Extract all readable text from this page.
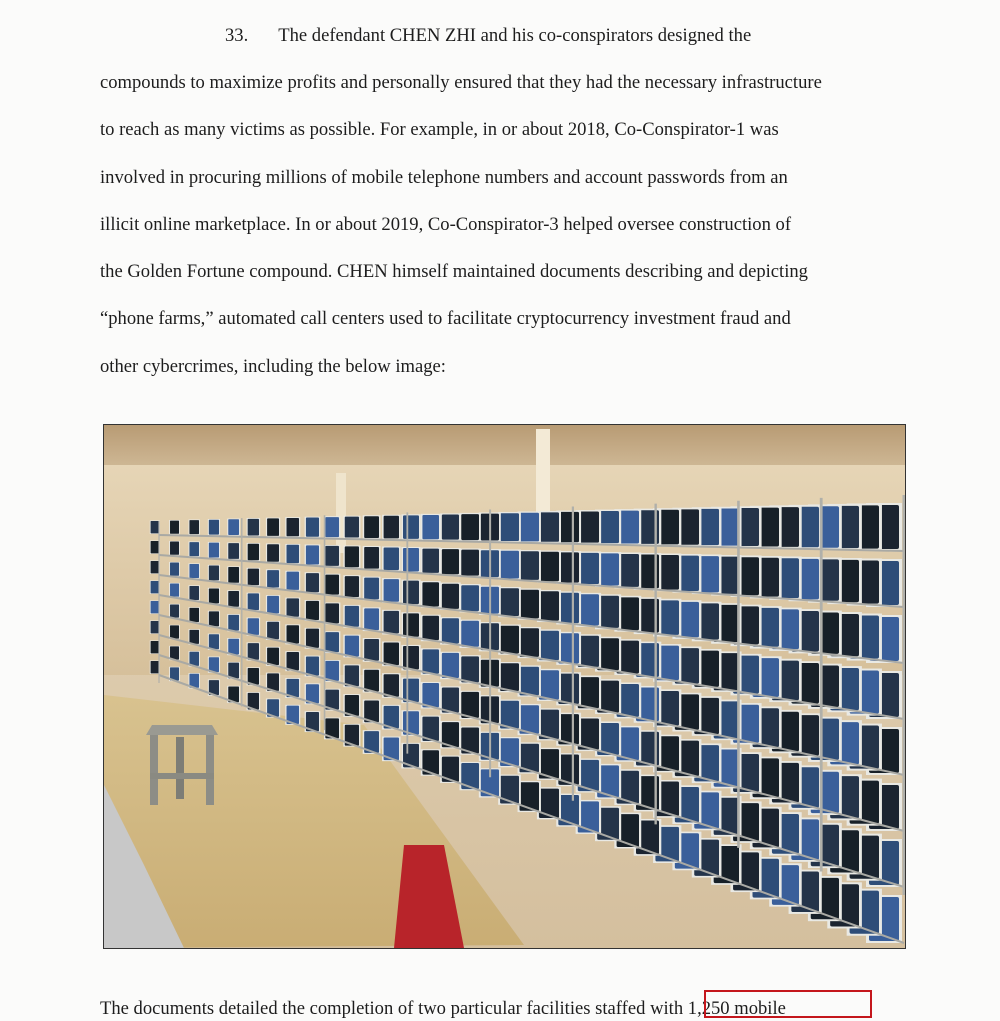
33. The defendant CHEN ZHI and his co-conspirators designed the
compounds to maximize profits and personally ensured that they had the necessary infrastructure
to reach as many victims as possible. For example, in or about 2018, Co-Conspirator-1 was
involved in procuring millions of mobile telephone numbers and account passwords from an
illicit online marketplace. In or about 2019, Co-Conspirator-3 helped oversee construction of
the Golden Fortune compound. CHEN himself maintained documents describing and depicting
“phone farms,” automated call centers used to facilitate cryptocurrency investment fraud and
other cybercrimes, including the below image:
The documents detailed the completion of two particular facilities staffed with 1,250 mobile
